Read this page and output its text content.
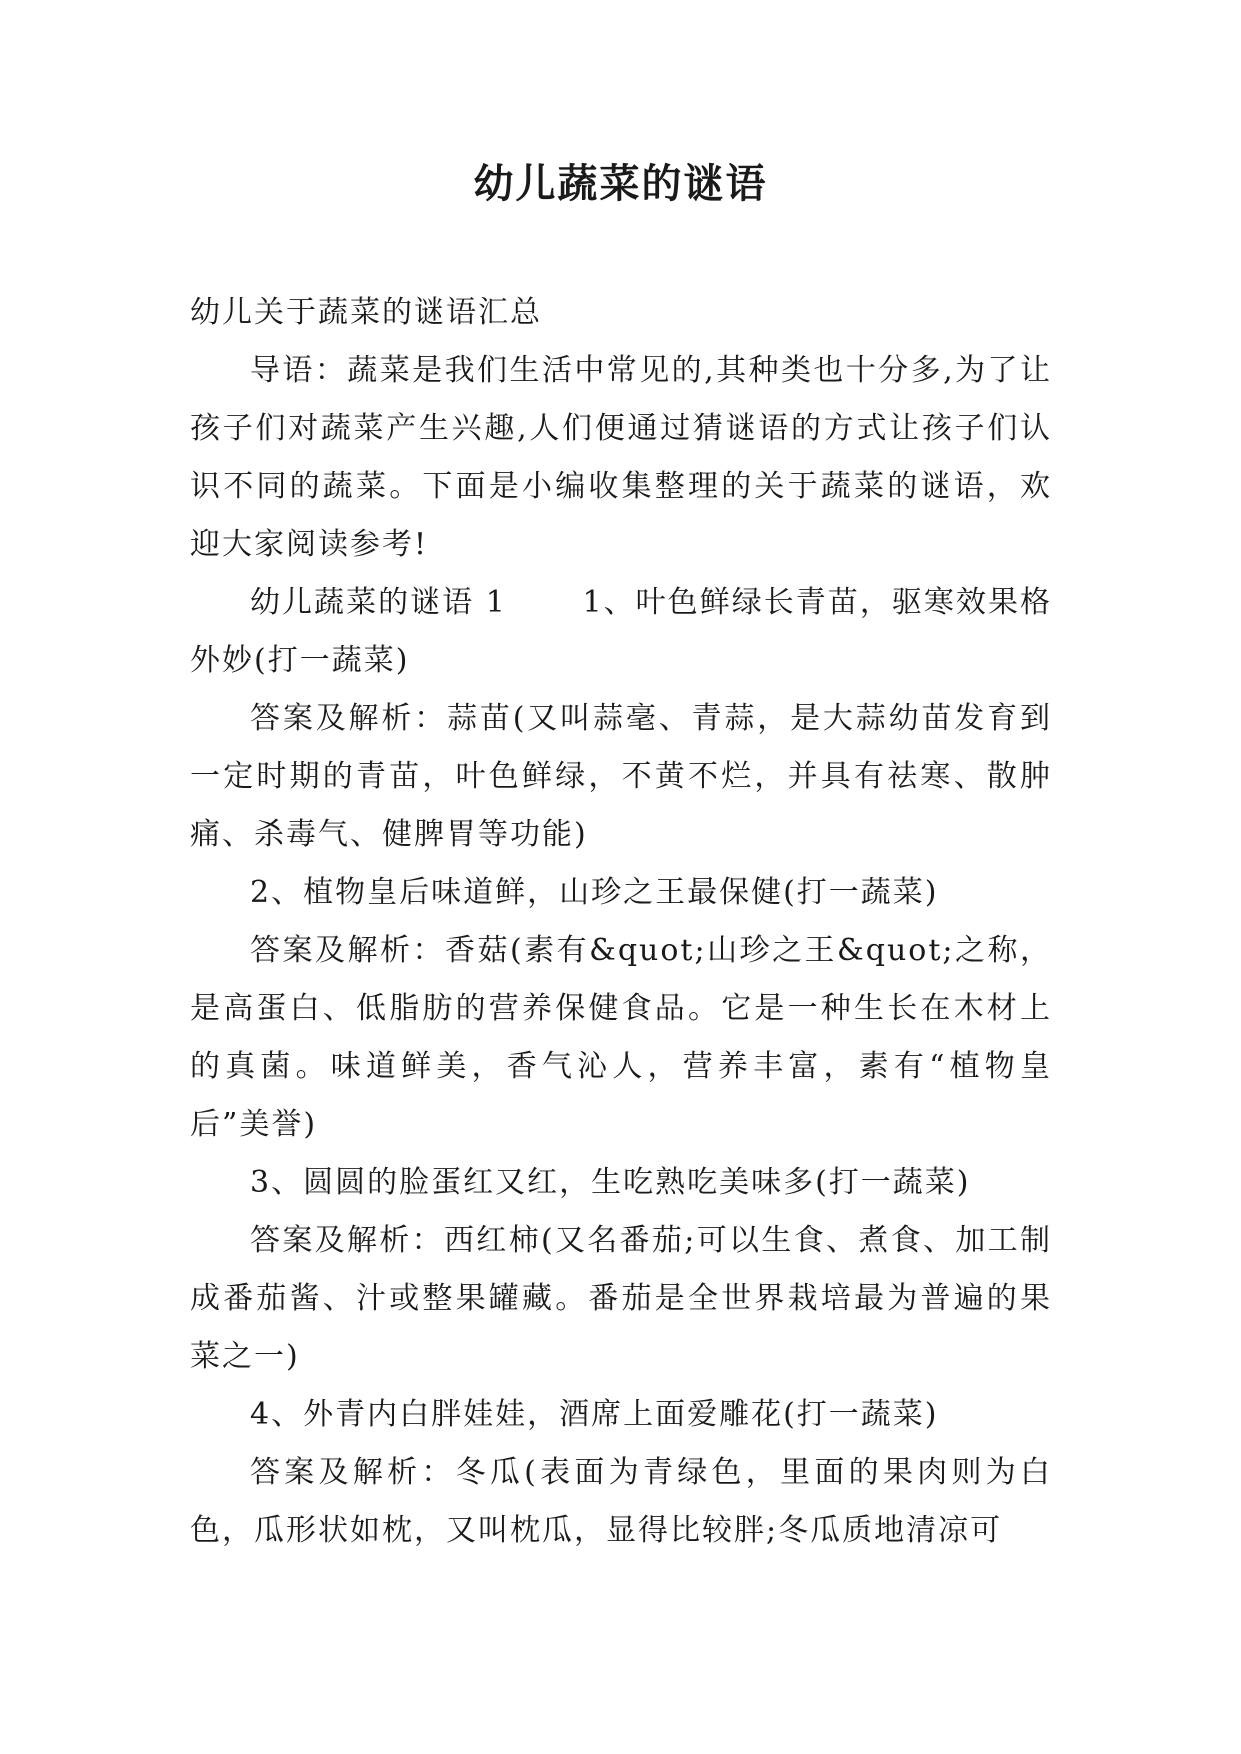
幼儿蔬菜的谜语

幼儿关于蔬菜的谜语汇总

导语：蔬菜是我们生活中常见的,其种类也十分多,为了让孩子们对蔬菜产生兴趣,人们便通过猜谜语的方式让孩子们认识不同的蔬菜。下面是小编收集整理的关于蔬菜的谜语，欢迎大家阅读参考!

幼儿蔬菜的谜语 1　　 1、叶色鲜绿长青苗，驱寒效果格外妙(打一蔬菜)

答案及解析：蒜苗(又叫蒜毫、青蒜，是大蒜幼苗发育到一定时期的青苗，叶色鲜绿，不黄不烂，并具有祛寒、散肿痛、杀毒气、健脾胃等功能)

2、植物皇后味道鲜，山珍之王最保健(打一蔬菜)

答案及解析：香菇(素有&quot;山珍之王&quot;之称，是高蛋白、低脂肪的营养保健食品。它是一种生长在木材上的真菌。味道鲜美，香气沁人，营养丰富，素有“植物皇后”美誉)

3、圆圆的脸蛋红又红，生吃熟吃美味多(打一蔬菜)

答案及解析：西红柿(又名番茄;可以生食、煮食、加工制成番茄酱、汁或整果罐藏。番茄是全世界栽培最为普遍的果菜之一)

4、外青内白胖娃娃，酒席上面爱雕花(打一蔬菜)

答案及解析：冬瓜(表面为青绿色，里面的果肉则为白色，瓜形状如枕，又叫枕瓜，显得比较胖;冬瓜质地清凉可
